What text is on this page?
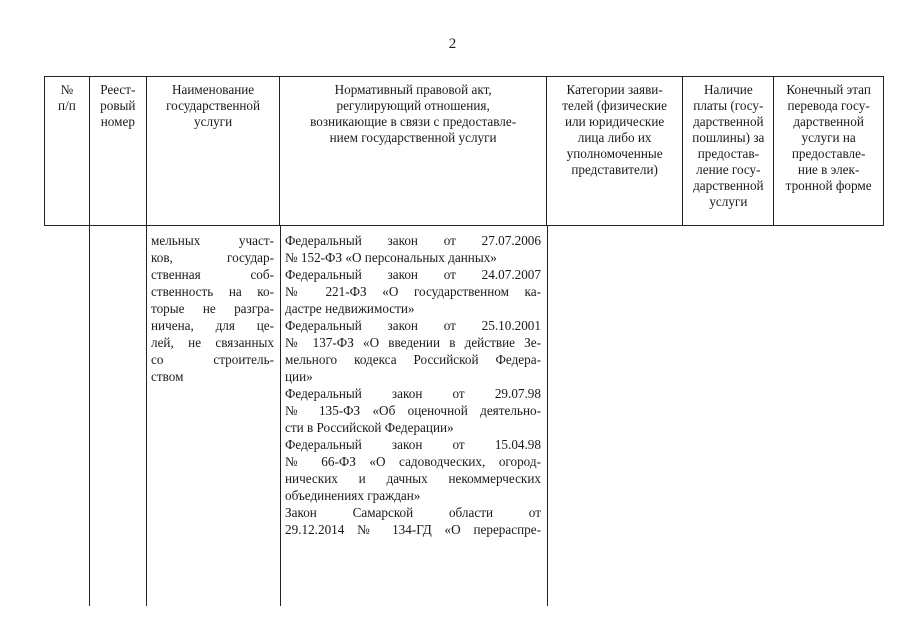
2
№
п/п
Реест-
ровый
номер
Наименование
государственной
услуги
Нормативный правовой акт,
регулирующий отношения,
возникающие в связи с предоставле-
нием государственной услуги
Категории заяви-
телей (физические
или юридические
лица либо их
уполномоченные
представители)
Наличие
платы (госу-
дарственной
пошлины) за
предостав-
ление госу-
дарственной
услуги
Конечный этап
перевода госу-
дарственной
услуги на
предоставле-
ние в элек-
тронной форме
мельных участ-
ков, государ-
ственная соб-
ственность на ко-
торые не разгра-
ничена, для це-
лей, не связанных
со строитель-
ством
Федеральный закон от 27.07.2006
№ 152-ФЗ «О персональных данных»
Федеральный закон от 24.07.2007
№ 221-ФЗ «О государственном ка-
дастре недвижимости»
Федеральный закон от 25.10.2001
№ 137-ФЗ «О введении в действие Зе-
мельного кодекса Российской Федера-
ции»
Федеральный закон от 29.07.98
№ 135-ФЗ «Об оценочной деятельно-
сти в Российской Федерации»
Федеральный закон от 15.04.98
№ 66-ФЗ «О садоводческих, огород-
нических и дачных некоммерческих
объединениях граждан»
Закон Самарской области от
29.12.2014 № 134-ГД «О перераспре-
